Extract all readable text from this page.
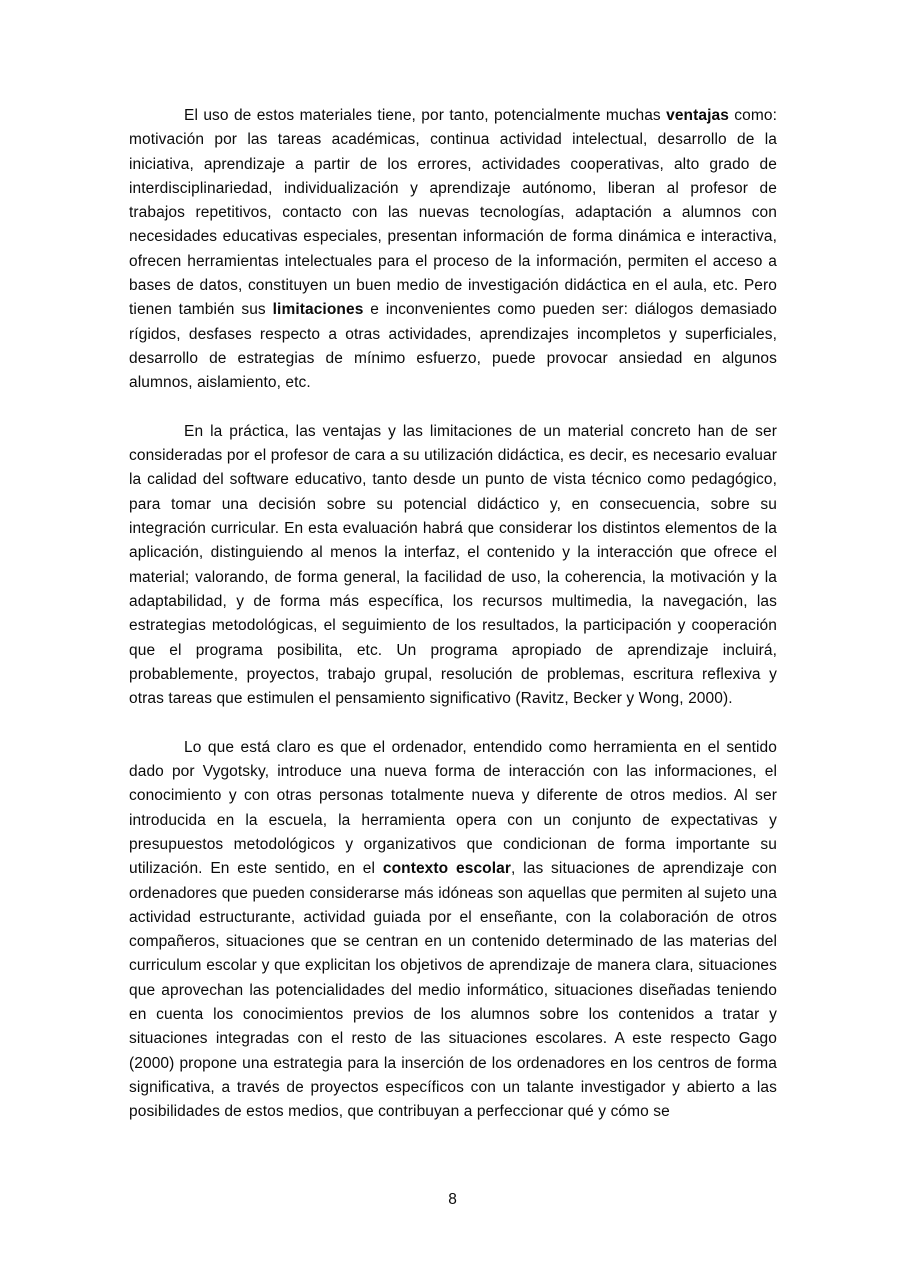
El uso de estos materiales tiene, por tanto, potencialmente muchas ventajas como: motivación por las tareas académicas, continua actividad intelectual, desarrollo de la iniciativa, aprendizaje a partir de los errores, actividades cooperativas, alto grado de interdisciplinariedad, individualización y aprendizaje autónomo, liberan al profesor de trabajos repetitivos, contacto con las nuevas tecnologías, adaptación a alumnos con necesidades educativas especiales, presentan información de forma dinámica e interactiva, ofrecen herramientas intelectuales para el proceso de la información, permiten el acceso a bases de datos, constituyen un buen medio de investigación didáctica en el aula, etc. Pero tienen también sus limitaciones e inconvenientes como pueden ser: diálogos demasiado rígidos, desfases respecto a otras actividades, aprendizajes incompletos y superficiales, desarrollo de estrategias de mínimo esfuerzo, puede provocar ansiedad en algunos alumnos, aislamiento, etc.

En la práctica, las ventajas y las limitaciones de un material concreto han de ser consideradas por el profesor de cara a su utilización didáctica, es decir, es necesario evaluar la calidad del software educativo, tanto desde un punto de vista técnico como pedagógico, para tomar una decisión sobre su potencial didáctico y, en consecuencia, sobre su integración curricular. En esta evaluación habrá que considerar los distintos elementos de la aplicación, distinguiendo al menos la interfaz, el contenido y la interacción que ofrece el material; valorando, de forma general, la facilidad de uso, la coherencia, la motivación y la adaptabilidad, y de forma más específica, los recursos multimedia, la navegación, las estrategias metodológicas, el seguimiento de los resultados, la participación y cooperación que el programa posibilita, etc. Un programa apropiado de aprendizaje incluirá, probablemente, proyectos, trabajo grupal, resolución de problemas, escritura reflexiva y otras tareas que estimulen el pensamiento significativo (Ravitz, Becker y Wong, 2000).

Lo que está claro es que el ordenador, entendido como herramienta en el sentido dado por Vygotsky, introduce una nueva forma de interacción con las informaciones, el conocimiento y con otras personas totalmente nueva y diferente de otros medios. Al ser introducida en la escuela, la herramienta opera con un conjunto de expectativas y presupuestos metodológicos y organizativos que condicionan de forma importante su utilización. En este sentido, en el contexto escolar, las situaciones de aprendizaje con ordenadores que pueden considerarse más idóneas son aquellas que permiten al sujeto una actividad estructurante, actividad guiada por el enseñante, con la colaboración de otros compañeros, situaciones que se centran en un contenido determinado de las materias del curriculum escolar y que explicitan los objetivos de aprendizaje de manera clara, situaciones que aprovechan las potencialidades del medio informático, situaciones diseñadas teniendo en cuenta los conocimientos previos de los alumnos sobre los contenidos a tratar y situaciones integradas con el resto de las situaciones escolares. A este respecto Gago (2000) propone una estrategia para la inserción de los ordenadores en los centros de forma significativa, a través de proyectos específicos con un talante investigador y abierto a las posibilidades de estos medios, que contribuyan a perfeccionar qué y cómo se

8
